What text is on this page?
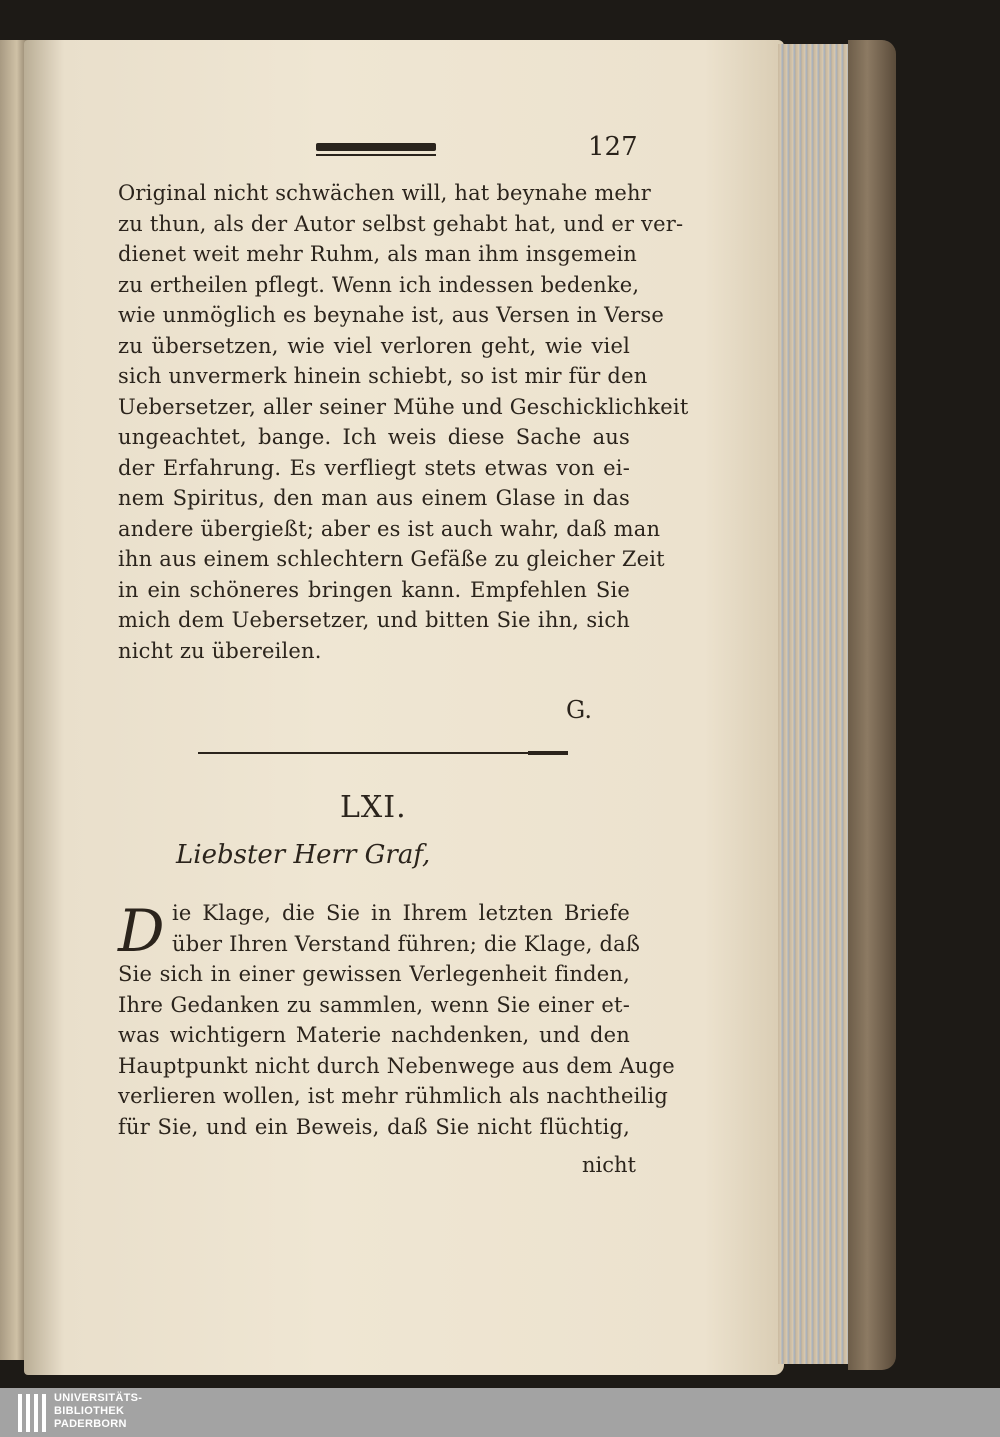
127
Original nicht schwächen will, hat beynahe mehr
zu thun, als der Autor selbst gehabt hat, und er ver-
dienet weit mehr Ruhm, als man ihm insgemein
zu ertheilen pflegt. Wenn ich indessen bedenke,
wie unmöglich es beynahe ist, aus Versen in Verse
zu übersetzen, wie viel verloren geht, wie viel
sich unvermerk hinein schiebt, so ist mir für den
Uebersetzer, aller seiner Mühe und Geschicklichkeit
ungeachtet, bange. Ich weis diese Sache aus
der Erfahrung. Es verfliegt stets etwas von ei-
nem Spiritus, den man aus einem Glase in das
andere übergießt; aber es ist auch wahr, daß man
ihn aus einem schlechtern Gefäße zu gleicher Zeit
in ein schöneres bringen kann. Empfehlen Sie
mich dem Uebersetzer, und bitten Sie ihn, sich
nicht zu übereilen.
G.
LXI.
Liebster Herr Graf,
D ie Klage, die Sie in Ihrem letzten Briefe
über Ihren Verstand führen; die Klage, daß
Sie sich in einer gewissen Verlegenheit finden,
Ihre Gedanken zu sammlen, wenn Sie einer et-
was wichtigern Materie nachdenken, und den
Hauptpunkt nicht durch Nebenwege aus dem Auge
verlieren wollen, ist mehr rühmlich als nachtheilig
für Sie, und ein Beweis, daß Sie nicht flüchtig,
nicht
UNIVERSITÄTS-
BIBLIOTHEK
PADERBORN
